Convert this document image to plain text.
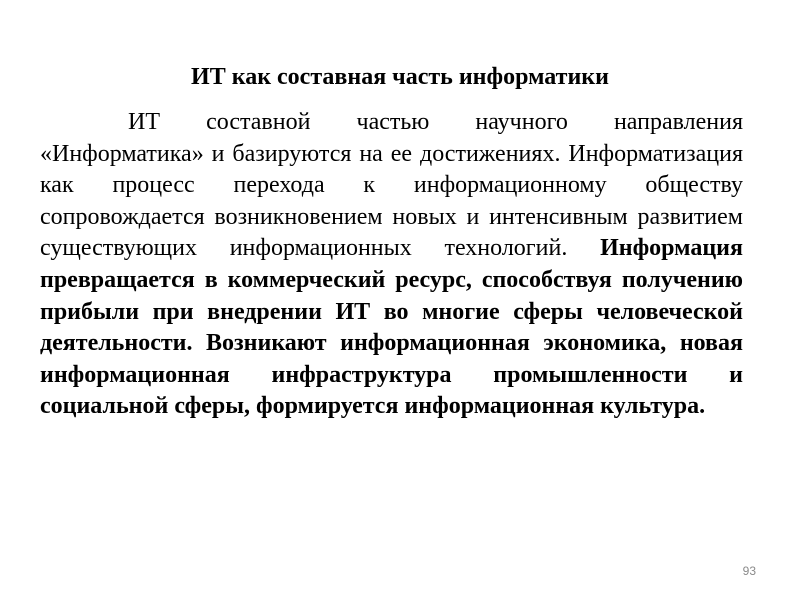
ИТ как составная часть информатики

ИТ составной частью научного направления «Информатика» и базируются на ее достижениях. Информатизация как процесс перехода к информационному обществу сопровождается возникновением новых и интенсивным развитием существующих информационных технологий. Информация превращается в коммерческий ресурс, способствуя получению прибыли при внедрении ИТ во многие сферы человеческой деятельности. Возникают информационная экономика, новая информационная инфраструктура промышленности и социальной сферы, формируется информационная культура.

93
